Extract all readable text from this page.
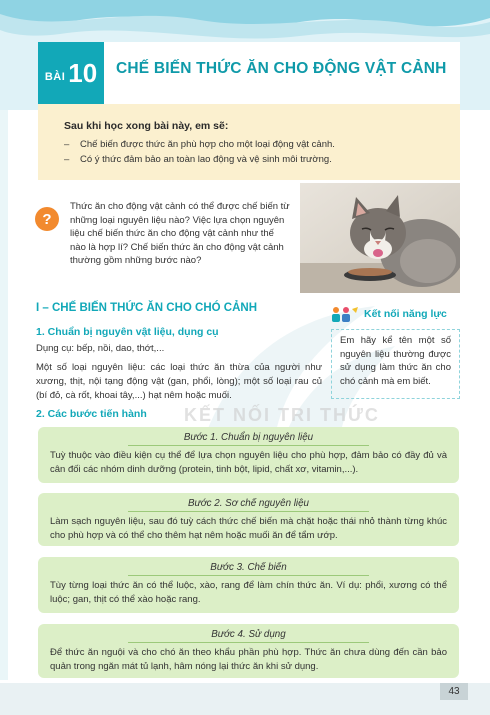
BÀI 10 CHẾ BIẾN THỨC ĂN CHO ĐỘNG VẬT CẢNH
Sau khi học xong bài này, em sẽ:
– Chế biến được thức ăn phù hợp cho một loại động vật cảnh.
– Có ý thức đảm bảo an toàn lao động và vệ sinh môi trường.
?
Thức ăn cho động vật cảnh có thể được chế biến từ những loại nguyên liệu nào? Việc lựa chọn nguyên liệu chế biến thức ăn cho động vật cảnh như thế nào là hợp lí? Chế biến thức ăn cho động vật cảnh thường gồm những bước nào?
KẾT NỐI TRI THỨC
I – CHẾ BIẾN THỨC ĂN CHO CHÓ CẢNH	Kết nối năng lực
Em hãy kể tên một số nguyên liệu thường được sử dụng làm thức ăn cho chó cảnh mà em biết.
1. Chuẩn bị nguyên vật liệu, dụng cụ
Dụng cụ: bếp, nồi, dao, thớt,...
Một số loại nguyên liệu: các loại thức ăn thừa của người như xương, thịt, nội tạng động vật (gan, phổi, lòng); một số loại rau củ (bí đỏ, cà rốt, khoai tây,...) hạt nêm hoặc muối.
2. Các bước tiến hành
Bước 1. Chuẩn bị nguyên liệu
Tuỳ thuộc vào điều kiện cụ thể để lựa chọn nguyên liệu cho phù hợp, đảm bảo có đầy đủ và cân đối các nhóm dinh dưỡng (protein, tinh bột, lipid, chất xơ, vitamin,...).
Bước 2. Sơ chế nguyên liệu
Làm sạch nguyên liệu, sau đó tuỳ cách thức chế biến mà chặt hoặc thái nhỏ thành từng khúc cho phù hợp và có thể cho thêm hạt nêm hoặc muối ăn để tẩm ướp.
Bước 3. Chế biến
Tùy từng loại thức ăn có thể luộc, xào, rang để làm chín thức ăn. Ví dụ: phổi, xương có thể luộc; gan, thịt có thể xào hoặc rang.
Bước 4. Sử dụng
Để thức ăn nguội và cho chó ăn theo khẩu phần phù hợp. Thức ăn chưa dùng đến cần bảo quản trong ngăn mát tủ lạnh, hâm nóng lại thức ăn khi sử dụng.
43
